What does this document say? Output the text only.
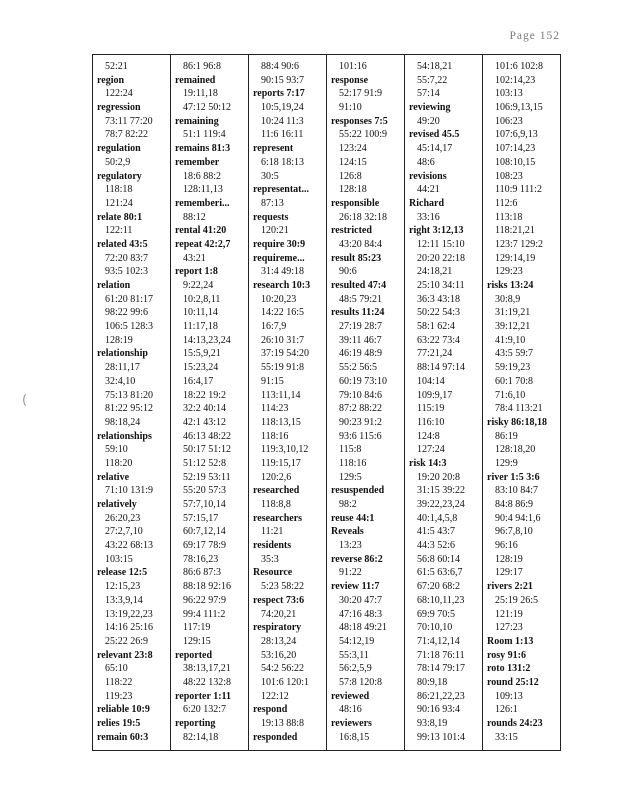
Page 152
(
52:21
region
122:24
regression
73:11 77:20
78:7 82:22
regulation
50:2,9
regulatory
118:18
121:24
relate 80:1
122:11
related 43:5
72:20 83:7
93:5 102:3
relation
61:20 81:17
98:22 99:6
106:5 128:3
128:19
relationship
28:11,17
32:4,10
75:13 81:20
81:22 95:12
98:18,24
relationships
59:10
118:20
relative
71:10 131:9
relatively
26:20,23
27:2,7,10
43:22 68:13
103:15
release 12:5
12:15,23
13:3,9,14
13:19,22,23
14:16 25:16
25:22 26:9
relevant 23:8
65:10
118:22
119:23
reliable 10:9
relies 19:5
remain 60:3
86:1 96:8
remained
19:11,18
47:12 50:12
remaining
51:1 119:4
remains 81:3
remember
18:6 88:2
128:11,13
rememberi...
88:12
rental 41:20
repeat 42:2,7
43:21
report 1:8
9:22,24
10:2,8,11
10:11,14
11:17,18
14:13,23,24
15:5,9,21
15:23,24
16:4,17
18:22 19:2
32:2 40:14
42:1 43:12
46:13 48:22
50:17 51:12
51:12 52:8
52:19 53:11
55:20 57:3
57:7,10,14
57:15,17
60:7,12,14
69:17 78:9
78:16,23
86:6 87:3
88:18 92:16
96:22 97:9
99:4 111:2
117:19
129:15
reported
38:13,17,21
48:22 132:8
reporter 1:11
6:20 132:7
reporting
82:14,18
88:4 90:6
90:15 93:7
reports 7:17
10:5,19,24
10:24 11:3
11:6 16:11
represent
6:18 18:13
30:5
representat...
87:13
requests
120:21
require 30:9
requireme...
31:4 49:18
research 10:3
10:20,23
14:22 16:5
16:7,9
26:10 31:7
37:19 54:20
55:19 91:8
91:15
113:11,14
114:23
118:13,15
118:16
119:3,10,12
119:15,17
120:2,6
researched
118:8,8
researchers
11:21
residents
35:3
Resource
5:23 58:22
respect 73:6
74:20,21
respiratory
28:13,24
53:16,20
54:2 56:22
101:6 120:1
122:12
respond
19:13 88:8
responded
101:16
response
52:17 91:9
91:10
responses 7:5
55:22 100:9
123:24
124:15
126:8
128:18
responsible
26:18 32:18
restricted
43:20 84:4
result 85:23
90:6
resulted 47:4
48:5 79:21
results 11:24
27:19 28:7
39:11 46:7
46:19 48:9
55:2 56:5
60:19 73:10
79:10 84:6
87:2 88:22
90:23 91:2
93:6 115:6
115:8
118:16
129:5
resuspended
98:2
reuse 44:1
Reveals
13:23
reverse 86:2
91:22
review 11:7
30:20 47:7
47:16 48:3
48:18 49:21
54:12,19
55:3,11
56:2,5,9
57:8 120:8
reviewed
48:16
reviewers
16:8,15
54:18,21
55:7,22
57:14
reviewing
49:20
revised 45.5
45:14,17
48:6
revisions
44:21
Richard
33:16
right 3:12,13
12:11 15:10
20:20 22:18
24:18,21
25:10 34:11
36:3 43:18
50:22 54:3
58:1 62:4
63:22 73:4
77:21,24
88:14 97:14
104:14
109:9,17
115:19
116:10
124:8
127:24
risk 14:3
19:20 20:8
31:15 39:22
39:22,23,24
40:1,4,5,8
41:5 43:7
44:3 52:6
56:8 60:14
61:5 63:6,7
67:20 68:2
68:10,11,23
69:9 70:5
70:10,10
71:4,12,14
71:18 76:11
78:14 79:17
80:9,18
86:21,22,23
90:16 93:4
93:8,19
99:13 101:4
101:6 102:8
102:14,23
103:13
106:9,13,15
106:23
107:6,9,13
107:14,23
108:10,15
108:23
110:9 111:2
112:6
113:18
118:21,21
123:7 129:2
129:14,19
129:23
risks 13:24
30:8,9
31:19,21
39:12,21
41:9,10
43:5 59:7
59:19,23
60:1 70:8
71:6,10
78:4 113:21
risky 86:18,18
86:19
128:18,20
129:9
river 1:5 3:6
83:10 84:7
84:8 86:9
90:4 94:1,6
96:7,8,10
96:16
128:19
129:17
rivers 2:21
25:19 26:5
121:19
127:23
Room 1:13
rosy 91:6
roto 131:2
round 25:12
109:13
126:1
rounds 24:23
33:15
